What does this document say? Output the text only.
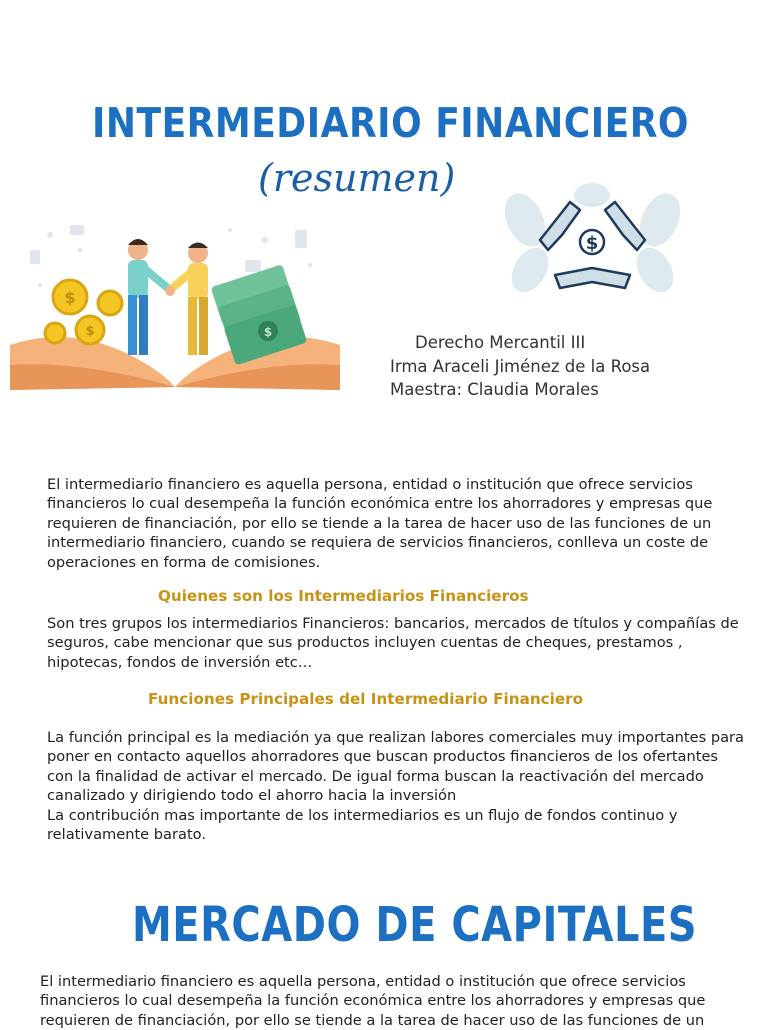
INTERMEDIARIO FINANCIERO
(resumen)
$
$	$
$
Derecho Mercantil III
Irma Araceli Jiménez de la Rosa
Maestra: Claudia Morales

El intermediario financiero es aquella persona, entidad o institución que ofrece servicios financieros lo cual desempeña la función económica entre los ahorradores y empresas que requieren de financiación, por ello se tiende a la tarea de hacer uso de las funciones de un intermediario financiero, cuando se requiera de servicios financieros, conlleva un coste de operaciones en forma de comisiones.

Quienes son los Intermediarios Financieros

Son tres grupos los intermediarios Financieros: bancarios, mercados de títulos y compañías de seguros, cabe mencionar que sus productos incluyen cuentas de cheques, prestamos , hipotecas, fondos de inversión etc…

Funciones Principales del Intermediario Financiero

La función principal es la mediación ya que realizan labores comerciales muy importantes para poner en contacto aquellos ahorradores que buscan productos financieros de los ofertantes con la finalidad de activar el mercado. De igual forma buscan la reactivación del mercado canalizado y dirigiendo todo el ahorro hacia la inversión

La contribución mas importante de los intermediarios es un flujo de fondos continuo y relativamente barato.

MERCADO DE CAPITALES

El intermediario financiero es aquella persona, entidad o institución que ofrece servicios financieros lo cual desempeña la función económica entre los ahorradores y empresas que requieren de financiación, por ello se tiende a la tarea de hacer uso de las funciones de un
